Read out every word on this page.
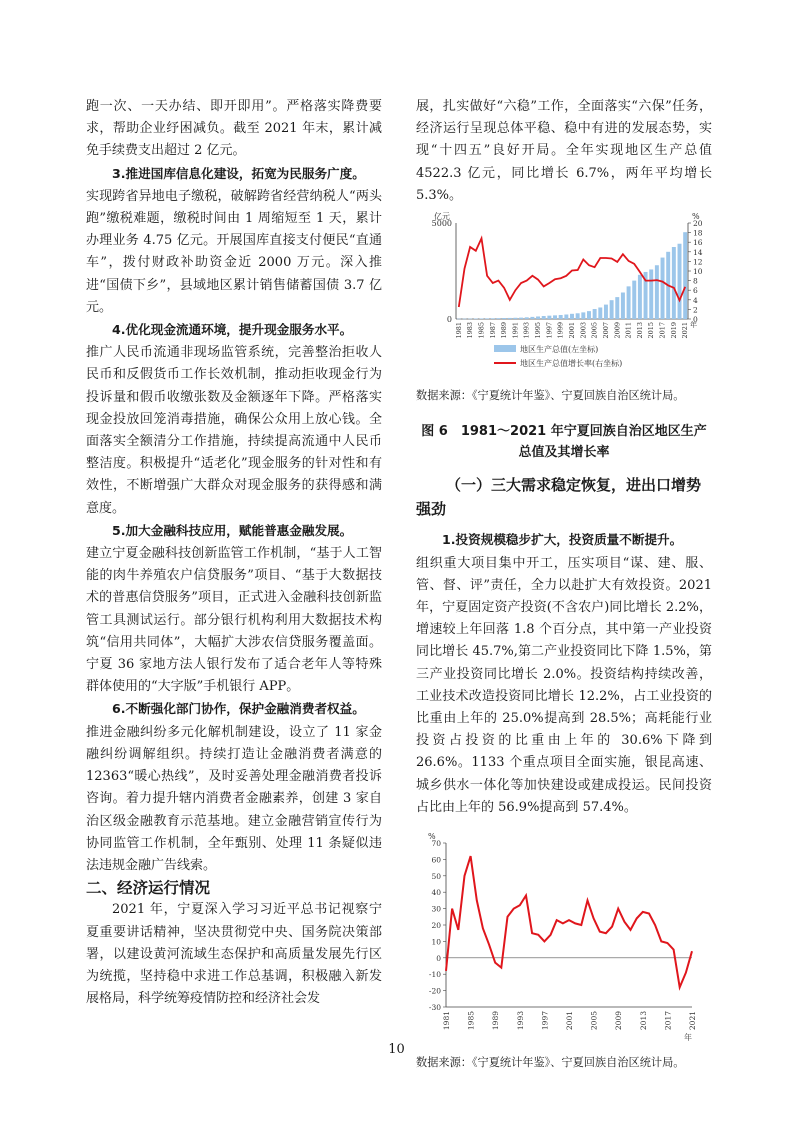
跑一次、一天办结、即开即用”。严格落实降费要求，帮助企业纾困减负。截至 2021 年末，累计减免手续费支出超过 2 亿元。

3.推进国库信息化建设，拓宽为民服务广度。

实现跨省异地电子缴税，破解跨省经营纳税人“两头跑”缴税难题，缴税时间由 1 周缩短至 1 天，累计办理业务 4.75 亿元。开展国库直接支付便民“直通车”，拨付财政补助资金近 2000 万元。深入推进“国债下乡”，县域地区累计销售储蓄国债 3.7 亿元。

4.优化现金流通环境，提升现金服务水平。

推广人民币流通非现场监管系统，完善整治拒收人民币和反假货币工作长效机制，推动拒收现金行为投诉量和假币收缴张数及金额逐年下降。严格落实现金投放回笼消毒措施，确保公众用上放心钱。全面落实全额清分工作措施，持续提高流通中人民币整洁度。积极提升“适老化”现金服务的针对性和有效性，不断增强广大群众对现金服务的获得感和满意度。

5.加大金融科技应用，赋能普惠金融发展。

建立宁夏金融科技创新监管工作机制，“基于人工智能的肉牛养殖农户信贷服务”项目、“基于大数据技术的普惠信贷服务”项目，正式进入金融科技创新监管工具测试运行。部分银行机构利用大数据技术构筑“信用共同体”，大幅扩大涉农信贷服务覆盖面。宁夏 36 家地方法人银行发布了适合老年人等特殊群体使用的“大字版”手机银行 APP。

6.不断强化部门协作，保护金融消费者权益。

推进金融纠纷多元化解机制建设，设立了 11 家金融纠纷调解组织。持续打造让金融消费者满意的 12363“暖心热线”，及时妥善处理金融消费者投诉咨询。着力提升辖内消费者金融素养，创建 3 家自治区级金融教育示范基地。建立金融营销宣传行为协同监管工作机制，全年甄别、处理 11 条疑似违法违规金融广告线索。

二、经济运行情况

2021 年，宁夏深入学习习近平总书记视察宁夏重要讲话精神，坚决贯彻党中央、国务院决策部署，以建设黄河流域生态保护和高质量发展先行区为统揽，坚持稳中求进工作总基调，积极融入新发展格局，科学统筹疫情防控和经济社会发

展，扎实做好“六稳”工作，全面落实“六保”任务，经济运行呈现总体平稳、稳中有进的发展态势，实现“十四五”良好开局。全年实现地区生产总值 4522.3 亿元，同比增长 6.7%，两年平均增长 5.3%。

亿元	%
0
5000
0
2
4
6
8
10
12
14
16
18
20
1981 1983 1985 1987 1989 1991 1993 1995 1997 1999 2001 2003 2005 2007 2009 2011 2013 2015 2017 2019 2021 年
地区生产总值(左坐标)
地区生产总值增长率(右坐标)

数据来源：《宁夏统计年鉴》、宁夏回族自治区统计局。

图 6　1981～2021 年宁夏回族自治区地区生产总值及其增长率
（一）三大需求稳定恢复，进出口增势强劲

1.投资规模稳步扩大，投资质量不断提升。

组织重大项目集中开工，压实项目“谋、建、服、管、督、评”责任，全力以赴扩大有效投资。2021 年，宁夏固定资产投资(不含农户)同比增长 2.2%，增速较上年回落 1.8 个百分点，其中第一产业投资同比增长 45.7%,第二产业投资同比下降 1.5%，第三产业投资同比增长 2.0%。投资结构持续改善，工业技术改造投资同比增长 12.2%，占工业投资的比重由上年的 25.0%提高到 28.5%；高耗能行业投资占投资的比重由上年的 30.6%下降到 26.6%。1133 个重点项目全面实施，银昆高速、城乡供水一体化等加快建设或建成投运。民间投资占比由上年的 56.9%提高到 57.4%。

%
-30
-20
-10
0
10
20
30
40
50
60
70
1981 1985 1989 1993 1997 2001 2005 2009 2013 2017 2021
年

数据来源：《宁夏统计年鉴》、宁夏回族自治区统计局。

10
